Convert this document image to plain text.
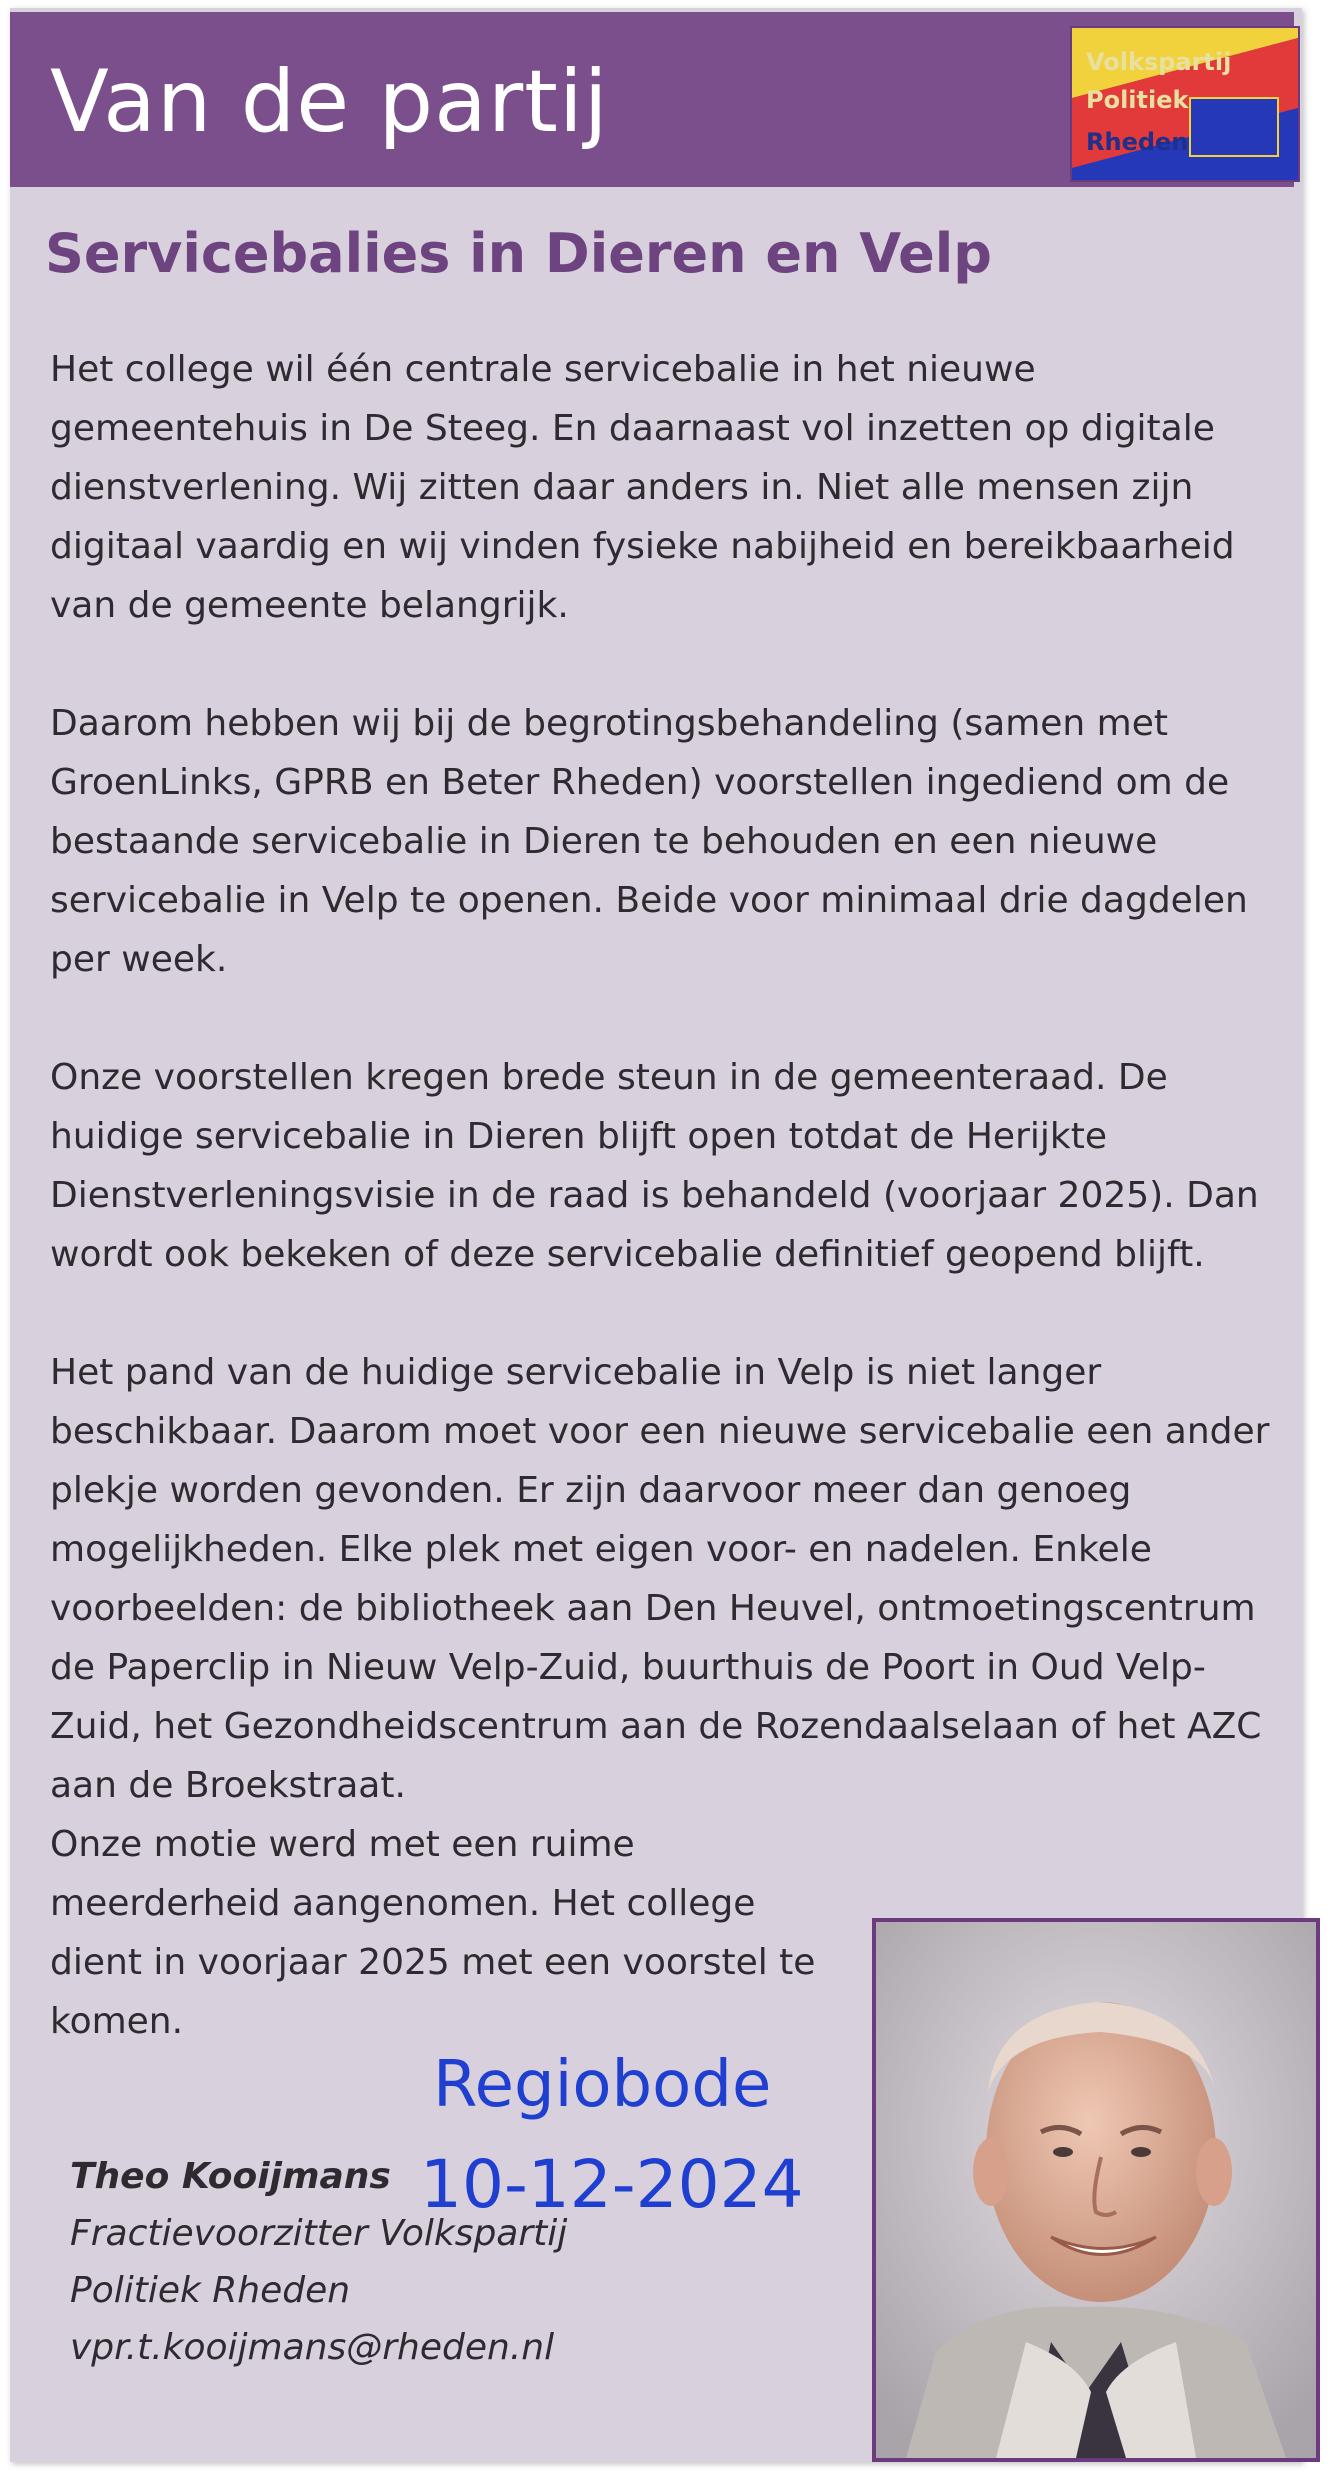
Van de partij	Volkspartij
Politiek
Rheden
Servicebalies in Dieren en Velp

Het college wil één centrale servicebalie in het nieuwe gemeentehuis in De Steeg. En daarnaast vol inzetten op digitale dienstverlening. Wij zitten daar anders in. Niet alle mensen zijn digitaal vaardig en wij vinden fysieke nabijheid en bereikbaarheid van de gemeente belangrijk.

Daarom hebben wij bij de begrotingsbehandeling (samen met GroenLinks, GPRB en Beter Rheden) voorstellen ingediend om de bestaande servicebalie in Dieren te behouden en een nieuwe servicebalie in Velp te openen. Beide voor minimaal drie dagdelen per week.

Onze voorstellen kregen brede steun in de gemeenteraad. De huidige servicebalie in Dieren blijft open totdat de Herijkte Dienstverleningsvisie in de raad is behandeld (voorjaar 2025). Dan wordt ook bekeken of deze servicebalie definitief geopend blijft.

Het pand van de huidige servicebalie in Velp is niet langer beschikbaar. Daarom moet voor een nieuwe servicebalie een ander plekje worden gevonden. Er zijn daarvoor meer dan genoeg mogelijkheden. Elke plek met eigen voor- en nadelen. Enkele voorbeelden: de bibliotheek aan Den Heuvel, ontmoetingscentrum de Paperclip in Nieuw Velp-Zuid, buurthuis de Poort in Oud Velp-Zuid, het Gezondheidscentrum aan de Rozendaalselaan of het AZC aan de Broekstraat.

Onze motie werd met een ruime meerderheid aangenomen. Het college dient in voorjaar 2025 met een voorstel te komen.

Theo Kooijmans
Fractievoorzitter Volkspartij
Politiek Rheden
vpr.t.kooijmans@rheden.nl
Regiobode
10-12-2024
